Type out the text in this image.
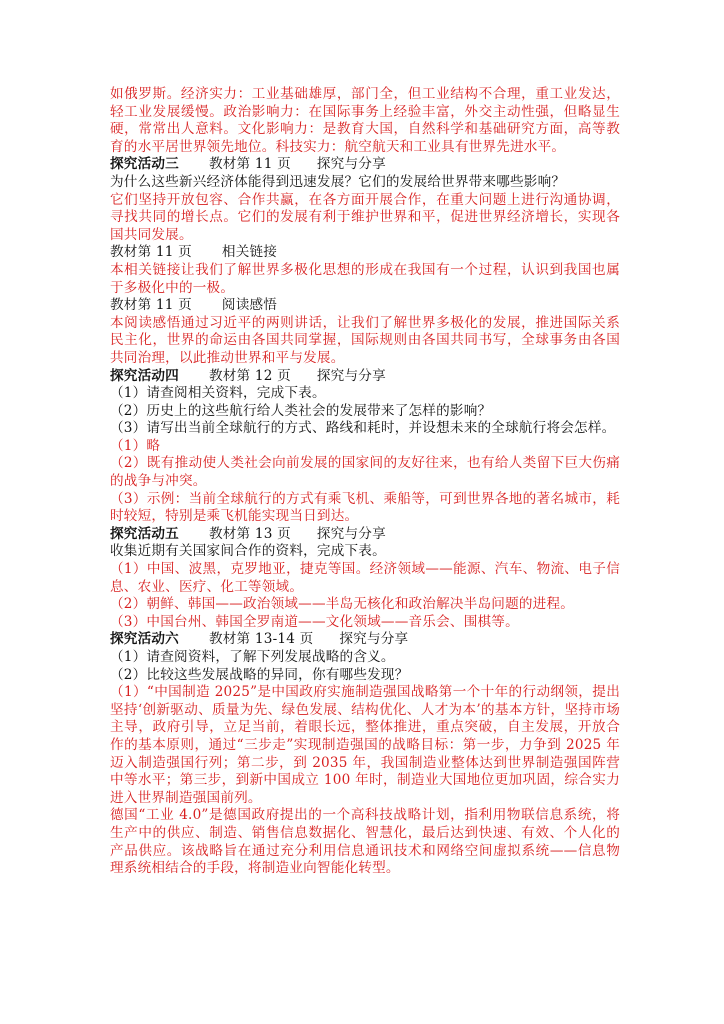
如俄罗斯。经济实力：工业基础雄厚，部门全，但工业结构不合理，重工业发达，轻工业发展缓慢。政治影响力：在国际事务上经验丰富，外交主动性强，但略显生硬，常常出人意料。文化影响力：是教育大国，自然科学和基础研究方面，高等教育的水平居世界领先地位。科技实力：航空航天和工业具有世界先进水平。

探究活动三 教材第 11 页 探究与分享

为什么这些新兴经济体能得到迅速发展？它们的发展给世界带来哪些影响？

它们坚持开放包容、合作共赢，在各方面开展合作，在重大问题上进行沟通协调，寻找共同的增长点。它们的发展有利于维护世界和平，促进世界经济增长，实现各国共同发展。

教材第 11 页 相关链接

本相关链接让我们了解世界多极化思想的形成在我国有一个过程，认识到我国也属于多极化中的一极。

教材第 11 页 阅读感悟

本阅读感悟通过习近平的两则讲话，让我们了解世界多极化的发展，推进国际关系民主化，世界的命运由各国共同掌握，国际规则由各国共同书写，全球事务由各国共同治理，以此推动世界和平与发展。

探究活动四 教材第 12 页 探究与分享

（1）请查阅相关资料，完成下表。

（2）历史上的这些航行给人类社会的发展带来了怎样的影响？

（3）请写出当前全球航行的方式、路线和耗时，并设想未来的全球航行将会怎样。

（1）略

（2）既有推动使人类社会向前发展的国家间的友好往来，也有给人类留下巨大伤痛的战争与冲突。

（3）示例：当前全球航行的方式有乘飞机、乘船等，可到世界各地的著名城市，耗时较短，特别是乘飞机能实现当日到达。

探究活动五 教材第 13 页 探究与分享

收集近期有关国家间合作的资料，完成下表。

（1）中国、波黑，克罗地亚，捷克等国。经济领域——能源、汽车、物流、电子信息、农业、医疗、化工等领域。

（2）朝鲜、韩国——政治领域——半岛无核化和政治解决半岛问题的进程。

（3）中国台州、韩国全罗南道——文化领域——音乐会、围棋等。

探究活动六 教材第 13-14 页 探究与分享

（1）请查阅资料，了解下列发展战略的含义。

（2）比较这些发展战略的异同，你有哪些发现？

（1）“中国制造 2025”是中国政府实施制造强国战略第一个十年的行动纲领，提出坚持‘创新驱动、质量为先、绿色发展、结构优化、人才为本’的基本方针，坚持市场主导，政府引导，立足当前，着眼长远，整体推进，重点突破，自主发展，开放合作的基本原则，通过“三步走”实现制造强国的战略目标：第一步，力争到 2025 年迈入制造强国行列；第二步，到 2035 年，我国制造业整体达到世界制造强国阵营中等水平；第三步，到新中国成立 100 年时，制造业大国地位更加巩固，综合实力进入世界制造强国前列。

德国“工业 4.0”是德国政府提出的一个高科技战略计划，指利用物联信息系统，将生产中的供应、制造、销售信息数据化、智慧化，最后达到快速、有效、个人化的产品供应。该战略旨在通过充分利用信息通讯技术和网络空间虚拟系统——信息物理系统相结合的手段，将制造业向智能化转型。
